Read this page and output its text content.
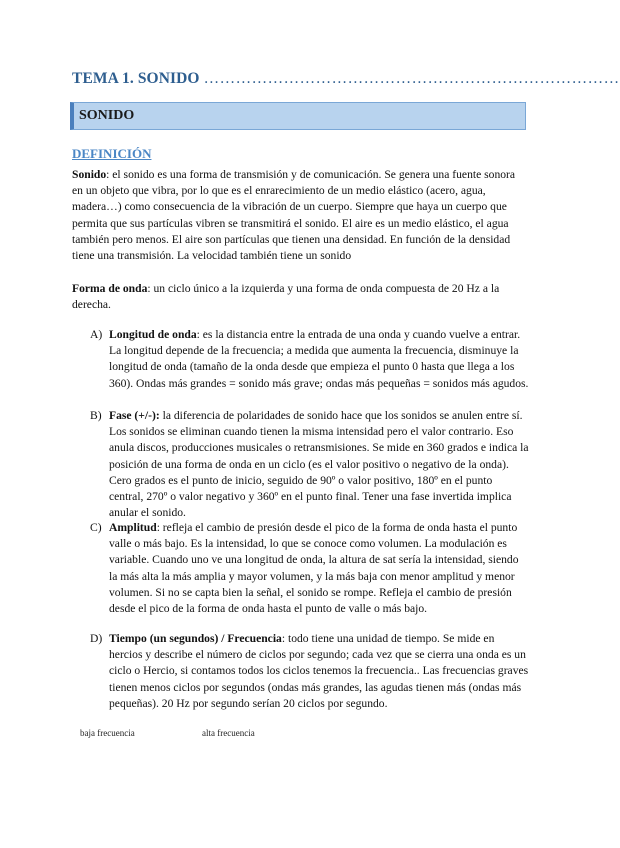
TEMA 1. SONIDO ……………………………………………………………………
SONIDO
DEFINICIÓN

Sonido: el sonido es una forma de transmisión y de comunicación. Se genera una fuente sonora en un objeto que vibra, por lo que es el enrarecimiento de un medio elástico (acero, agua, madera…) como consecuencia de la vibración de un cuerpo. Siempre que haya un cuerpo que permita que sus partículas vibren se transmitirá el sonido. El aire es un medio elástico, el agua también pero menos. El aire son partículas que tienen una densidad. En función de la densidad tiene una transmisión. La velocidad también tiene un sonido

Forma de onda: un ciclo único a la izquierda y una forma de onda compuesta de 20 Hz a la derecha.

A) Longitud de onda: es la distancia entre la entrada de una onda y cuando vuelve a entrar. La longitud depende de la frecuencia; a medida que aumenta la frecuencia, disminuye la longitud de onda (tamaño de la onda desde que empieza el punto 0 hasta que llega a los 360). Ondas más grandes = sonido más grave; ondas más pequeñas = sonidos más agudos.

B) Fase (+/-): la diferencia de polaridades de sonido hace que los sonidos se anulen entre sí. Los sonidos se eliminan cuando tienen la misma intensidad pero el valor contrario. Eso anula discos, producciones musicales o retransmisiones. Se mide en 360 grados e indica la posición de una forma de onda en un ciclo (es el valor positivo o negativo de la onda). Cero grados es el punto de inicio, seguido de 90º o valor positivo, 180º en el punto central, 270º o valor negativo y 360º en el punto final. Tener una fase invertida implica anular el sonido.

C) Amplitud: refleja el cambio de presión desde el pico de la forma de onda hasta el punto valle o más bajo. Es la intensidad, lo que se conoce como volumen. La modulación es variable. Cuando uno ve una longitud de onda, la altura de sat sería la intensidad, siendo la más alta la más amplia y mayor volumen, y la más baja con menor amplitud y menor volumen. Si no se capta bien la señal, el sonido se rompe. Refleja el cambio de presión desde el pico de la forma de onda hasta el punto de valle o más bajo.

D) Tiempo (un segundos) / Frecuencia: todo tiene una unidad de tiempo. Se mide en hercios y describe el número de ciclos por segundo; cada vez que se cierra una onda es un ciclo o Hercio, si contamos todos los ciclos tenemos la frecuencia.. Las frecuencias graves tienen menos ciclos por segundos (ondas más grandes, las agudas tienen más (ondas más pequeñas). 20 Hz por segundo serían 20 ciclos por segundo.

baja frecuencia	alta frecuencia
